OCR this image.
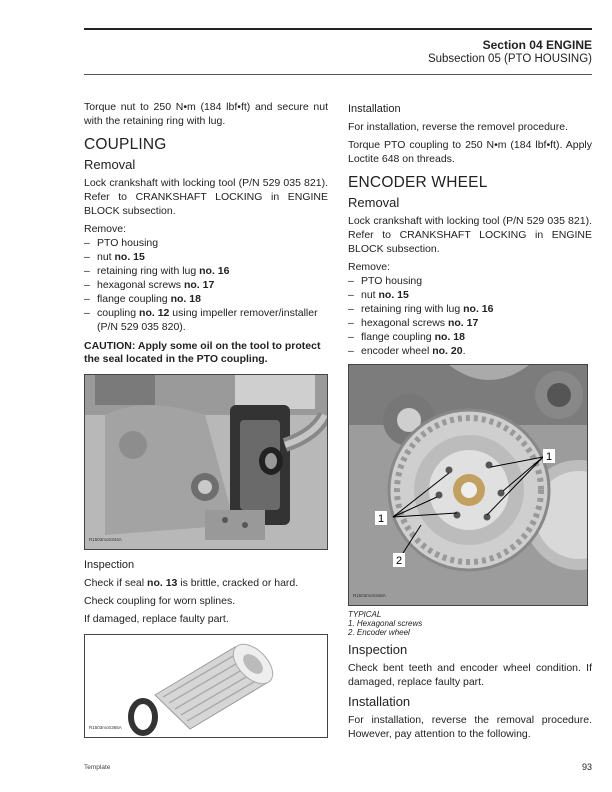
Section 04 ENGINE
Subsection 05 (PTO HOUSING)

Torque nut to 250 N•m (184 lbf•ft) and secure nut with the retaining ring with lug.

COUPLING
Removal

Lock crankshaft with locking tool (P/N 529 035 821). Refer to CRANKSHAFT LOCKING in ENGINE BLOCK subsection.

Remove:

– PTO housing
– nut no. 15
– retaining ring with lug no. 16
– hexagonal screws no. 17
– flange coupling no. 18
– coupling no. 12 using impeller remover/installer (P/N 529 035 820).
CAUTION: Apply some oil on the tool to protect the seal located in the PTO coupling.
R1503motr344A
Inspection

Check if seal no. 13 is brittle, cracked or hard.

Check coupling for worn splines.

If damaged, replace faulty part.

R1503motr365A
Installation

For installation, reverse the removel procedure.

Torque PTO coupling to 250 N•m (184 lbf•ft). Apply Loctite 648 on threads.

ENCODER WHEEL
Removal

Lock crankshaft with locking tool (P/N 529 035 821). Refer to CRANKSHAFT LOCKING in ENGINE BLOCK subsection.

Remove:

– PTO housing
– nut no. 15
– retaining ring with lug no. 16
– hexagonal screws no. 17
– flange coupling no. 18
– encoder wheel no. 20.
1
1
2
R1503motr348A
TYPICAL
1. Hexagonal screws
2. Encoder wheel
Inspection

Check bent teeth and encoder wheel condition. If damaged, replace faulty part.

Installation

For installation, reverse the removal procedure. However, pay attention to the following.

Template	93
